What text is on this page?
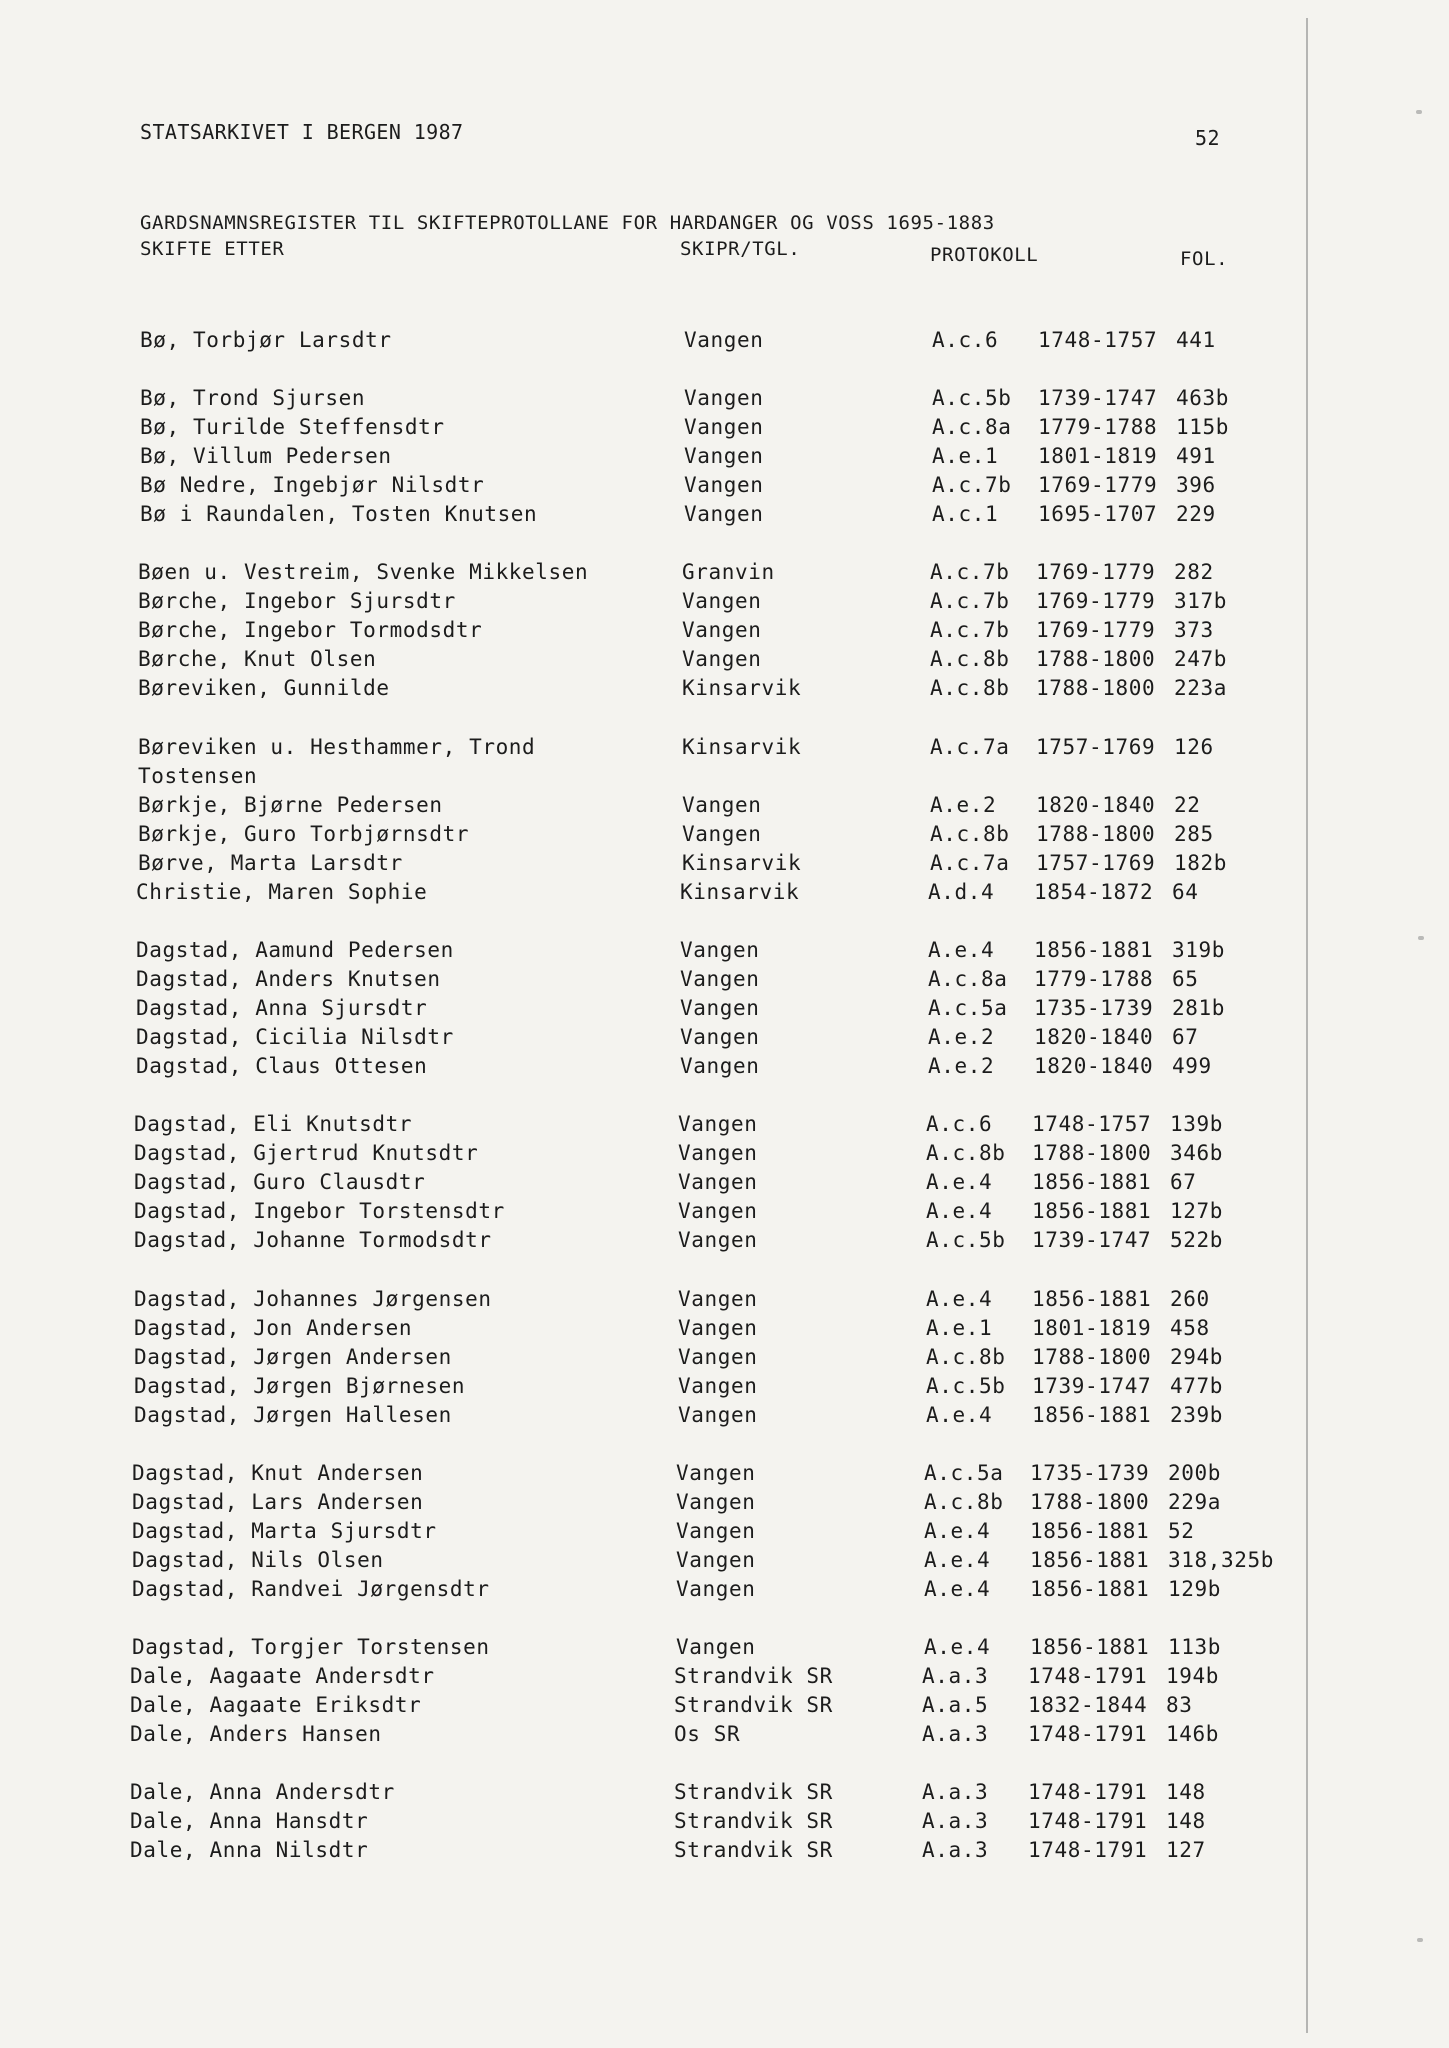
STATSARKIVET I BERGEN 1987	52
GARDSNAMNSREGISTER TIL SKIFTEPROTOLLANE FOR HARDANGER OG VOSS 1695-1883
SKIFTE ETTER	SKIPR/TGL.	PROTOKOLL	FOL.
Bø, Torbjør Larsdtr	Vangen	A.c.6 1748-1757 441
Bø, Trond Sjursen	Vangen	A.c.5b 1739-1747 463b
Bø, Turilde Steffensdtr	Vangen	A.c.8a 1779-1788 115b
Bø, Villum Pedersen	Vangen	A.e.1 1801-1819 491
Bø Nedre, Ingebjør Nilsdtr	Vangen	A.c.7b 1769-1779 396
Bø i Raundalen, Tosten Knutsen	Vangen	A.c.1 1695-1707 229
Bøen u. Vestreim, Svenke Mikkelsen	Granvin	A.c.7b 1769-1779 282
Børche, Ingebor Sjursdtr	Vangen	A.c.7b 1769-1779 317b
Børche, Ingebor Tormodsdtr	Vangen	A.c.7b 1769-1779 373
Børche, Knut Olsen	Vangen	A.c.8b 1788-1800 247b
Børeviken, Gunnilde	Kinsarvik	A.c.8b 1788-1800 223a
Børeviken u. Hesthammer, Trond	Kinsarvik	A.c.7a 1757-1769 126
Tostensen
Børkje, Bjørne Pedersen	Vangen	A.e.2 1820-1840 22
Børkje, Guro Torbjørnsdtr	Vangen	A.c.8b 1788-1800 285
Børve, Marta Larsdtr	Kinsarvik	A.c.7a 1757-1769 182b
Christie, Maren Sophie	Kinsarvik	A.d.4 1854-1872 64
Dagstad, Aamund Pedersen	Vangen	A.e.4 1856-1881 319b
Dagstad, Anders Knutsen	Vangen	A.c.8a 1779-1788 65
Dagstad, Anna Sjursdtr	Vangen	A.c.5a 1735-1739 281b
Dagstad, Cicilia Nilsdtr	Vangen	A.e.2 1820-1840 67
Dagstad, Claus Ottesen	Vangen	A.e.2 1820-1840 499
Dagstad, Eli Knutsdtr	Vangen	A.c.6 1748-1757 139b
Dagstad, Gjertrud Knutsdtr	Vangen	A.c.8b 1788-1800 346b
Dagstad, Guro Clausdtr	Vangen	A.e.4 1856-1881 67
Dagstad, Ingebor Torstensdtr	Vangen	A.e.4 1856-1881 127b
Dagstad, Johanne Tormodsdtr	Vangen	A.c.5b 1739-1747 522b
Dagstad, Johannes Jørgensen	Vangen	A.e.4 1856-1881 260
Dagstad, Jon Andersen	Vangen	A.e.1 1801-1819 458
Dagstad, Jørgen Andersen	Vangen	A.c.8b 1788-1800 294b
Dagstad, Jørgen Bjørnesen	Vangen	A.c.5b 1739-1747 477b
Dagstad, Jørgen Hallesen	Vangen	A.e.4 1856-1881 239b
Dagstad, Knut Andersen	Vangen	A.c.5a 1735-1739 200b
Dagstad, Lars Andersen	Vangen	A.c.8b 1788-1800 229a
Dagstad, Marta Sjursdtr	Vangen	A.e.4 1856-1881 52
Dagstad, Nils Olsen	Vangen	A.e.4 1856-1881 318,325b
Dagstad, Randvei Jørgensdtr	Vangen	A.e.4 1856-1881 129b
Dagstad, Torgjer Torstensen	Vangen	A.e.4 1856-1881 113b
Dale, Aagaate Andersdtr	Strandvik SR	A.a.3 1748-1791 194b
Dale, Aagaate Eriksdtr	Strandvik SR	A.a.5 1832-1844 83
Dale, Anders Hansen	Os SR	A.a.3 1748-1791 146b
Dale, Anna Andersdtr	Strandvik SR	A.a.3 1748-1791 148
Dale, Anna Hansdtr	Strandvik SR	A.a.3 1748-1791 148
Dale, Anna Nilsdtr	Strandvik SR	A.a.3 1748-1791 127
